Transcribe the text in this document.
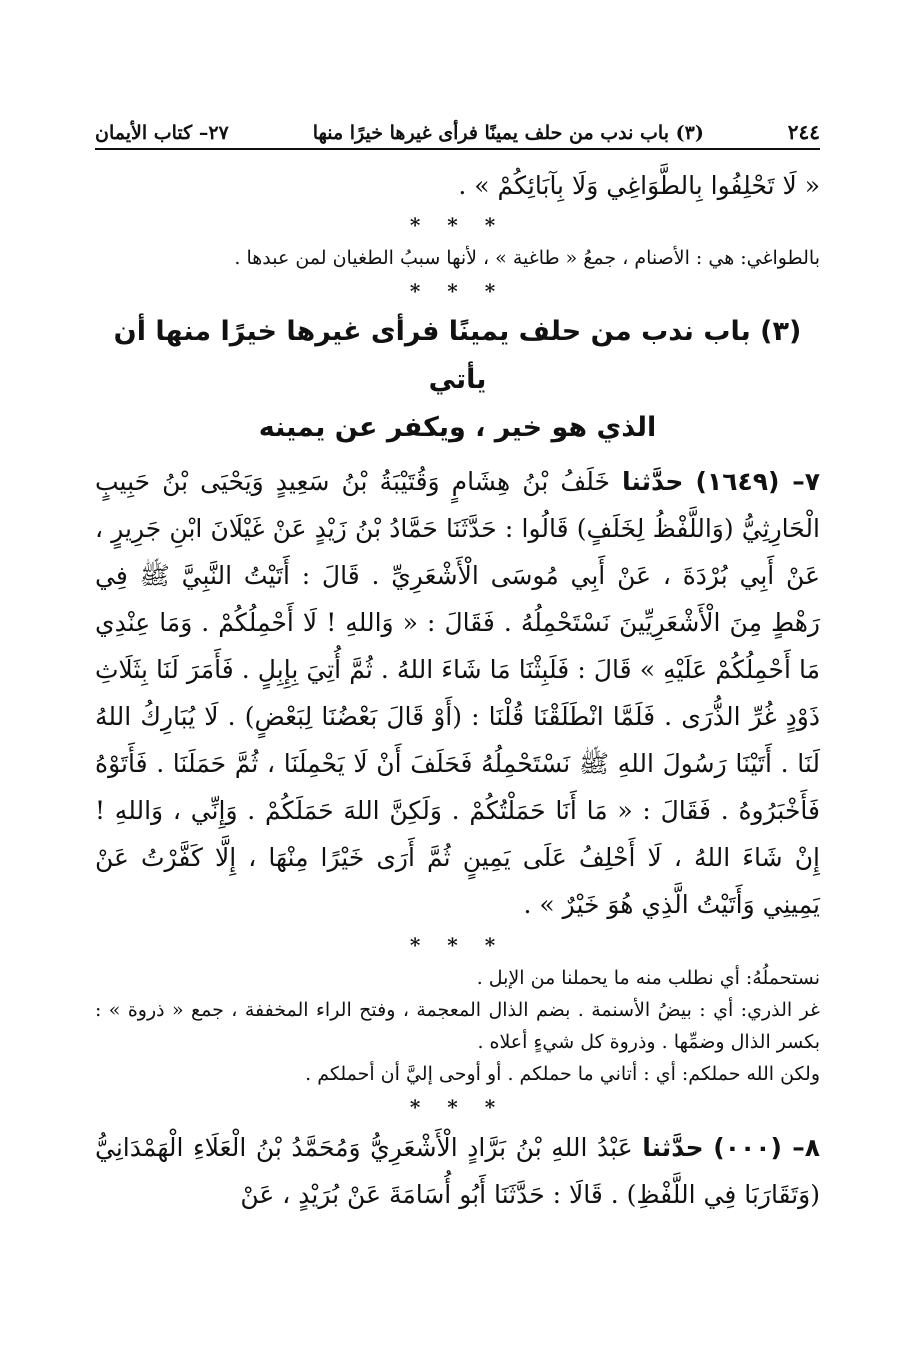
٢٤٤
(٣) باب ندب من حلف يمينًا فرأى غيرها خيرًا منها
٢٧– كتاب الأيمان
« لَا تَحْلِفُوا بِالطَّوَاغِي وَلَا بِآبَائِكُمْ » .
* * *
بالطواغي: هي : الأصنام ، جمعُ « طاغية » ، لأنها سببُ الطغيان لمن عبدها .
* * *
(٣) باب ندب من حلف يمينًا فرأى غيرها خيرًا منها أن يأتي
الذي هو خير ، ويكفر عن يمينه

٧– (١٦٤٩) حدَّثنا خَلَفُ بْنُ هِشَامٍ وَقُتَيْبَةُ بْنُ سَعِيدٍ وَيَحْيَى بْنُ حَبِيبٍ الْحَارِثِيُّ (وَاللَّفْظُ لِخَلَفٍ) قَالُوا : حَدَّثَنَا حَمَّادُ بْنُ زَيْدٍ عَنْ غَيْلَانَ ابْنِ جَرِيرٍ ، عَنْ أَبِي بُرْدَةَ ، عَنْ أَبِي مُوسَى الْأَشْعَرِيِّ . قَالَ : أَتَيْتُ النَّبِيَّ ﷺ فِي رَهْطٍ مِنَ الْأَشْعَرِيِّينَ نَسْتَحْمِلُهُ . فَقَالَ : « وَاللهِ ! لَا أَحْمِلُكُمْ . وَمَا عِنْدِي مَا أَحْمِلُكُمْ عَلَيْهِ » قَالَ : فَلَبِثْنَا مَا شَاءَ اللهُ . ثُمَّ أُتِيَ بِإِبِلٍ . فَأَمَرَ لَنَا بِثَلَاثِ ذَوْدٍ غُرِّ الذُّرَى . فَلَمَّا انْطَلَقْنَا قُلْنَا : (أَوْ قَالَ بَعْضُنَا لِبَعْضٍ) . لَا يُبَارِكُ اللهُ لَنَا . أَتَيْنَا رَسُولَ اللهِ ﷺ نَسْتَحْمِلُهُ فَحَلَفَ أَنْ لَا يَحْمِلَنَا ، ثُمَّ حَمَلَنَا . فَأَتَوْهُ فَأَخْبَرُوهُ . فَقَالَ : « مَا أَنَا حَمَلْتُكُمْ . وَلَكِنَّ اللهَ حَمَلَكُمْ . وَإِنِّي ، وَاللهِ ! إِنْ شَاءَ اللهُ ، لَا أَحْلِفُ عَلَى يَمِينٍ ثُمَّ أَرَى خَيْرًا مِنْهَا ، إِلَّا كَفَّرْتُ عَنْ يَمِينِي وَأَتَيْتُ الَّذِي هُوَ خَيْرٌ » .

* * *

نستحملُهُ: أي نطلب منه ما يحملنا من الإبل .

غر الذري: أي : بيضُ الأسنمة . بضم الذال المعجمة ، وفتح الراء المخففة ، جمع « ذروة » : بكسر الذال وضمِّها . وذروة كل شيءٍ أعلاه .

ولكن الله حملكم: أي : أتاني ما حملكم . أو أوحى إليَّ أن أحملكم .

* * *

٨– (٠٠٠) حدَّثنا عَبْدُ اللهِ بْنُ بَرَّادٍ الْأَشْعَرِيُّ وَمُحَمَّدُ بْنُ الْعَلَاءِ الْهَمْدَانِيُّ (وَتَقَارَبَا فِي اللَّفْظِ) . قَالَا : حَدَّثَنَا أَبُو أُسَامَةَ عَنْ بُرَيْدٍ ، عَنْ
